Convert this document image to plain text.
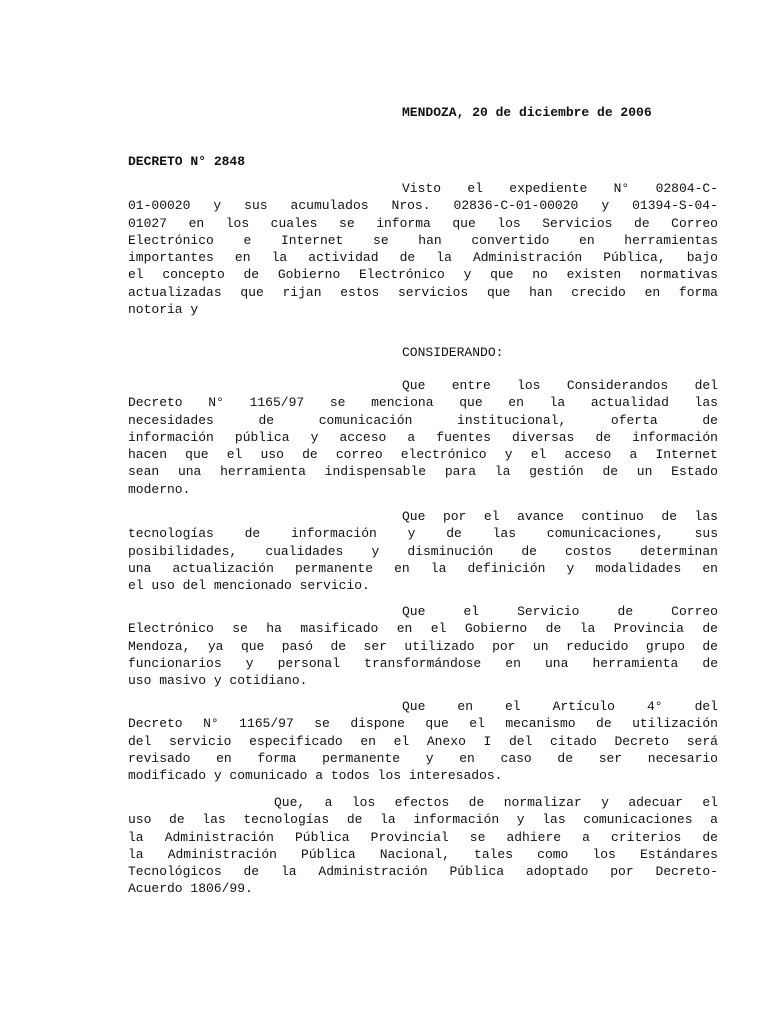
MENDOZA, 20 de diciembre de 2006
DECRETO N° 2848
Visto el expediente N° 02804-C-
01-00020 y sus acumulados Nros. 02836-C-01-00020 y 01394-S-04-
01027 en los cuales se informa que los Servicios de Correo
Electrónico e Internet se han convertido en herramientas
importantes en la actividad de la Administración Pública, bajo
el concepto de Gobierno Electrónico y que no existen normativas
actualizadas que rijan estos servicios que han crecido en forma
notoria y
CONSIDERANDO:
Que entre los Considerandos del
Decreto N° 1165/97 se menciona que en la actualidad las
necesidades	de	comunicación	institucional,	oferta	de
información pública y acceso a fuentes diversas de información
hacen que el uso de correo electrónico y el acceso a Internet
sean una herramienta indispensable para la gestión de un Estado
moderno.
Que por el avance continuo de las
tecnologías de información y de las comunicaciones, sus
posibilidades, cualidades y disminución de costos determinan
una actualización permanente en la definición y modalidades en
el uso del mencionado servicio.
Que	el	Servicio	de	Correo
Electrónico se ha masificado en el Gobierno de la Provincia de
Mendoza, ya que pasó de ser utilizado por un reducido grupo de
funcionarios y personal transformándose en una herramienta de
uso masivo y cotidiano.
Que en el Artículo 4° del
Decreto N° 1165/97 se dispone que el mecanismo de utilización
del servicio especificado en el Anexo I del citado Decreto será
revisado en forma permanente y en caso de ser necesario
modificado y comunicado a todos los interesados.
Que, a los efectos de normalizar y adecuar el
uso de las tecnologías de la información y las comunicaciones a
la Administración Pública Provincial se adhiere a criterios de
la Administración Pública Nacional, tales como los Estándares
Tecnológicos de la Administración Pública adoptado por Decreto-
Acuerdo 1806/99.
